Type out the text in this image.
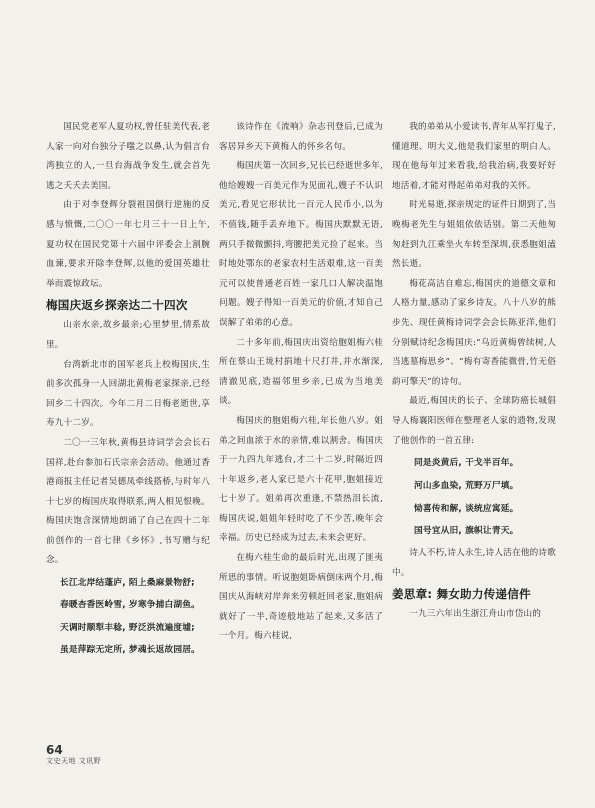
国民党老军人夏功权,曾任驻美代表,老人家一向对台独分子嗤之以鼻,认为倡言台湾独立的人,一旦台海战争发生,就会首先逃之夭夭去美国。

由于对李登辉分裂祖国倒行逆施的反感与愤慨,二〇〇一年七月三十一日上午,夏功权在国民党第十六届中评委会上割腕血谏,要求开除李登辉,以他的爱国英雄壮举而震惊政坛。

梅国庆返乡探亲达二十四次

山亲水亲,故乡最亲;心里梦里,情系故里。

台湾新北市的国军老兵上校梅国庆,生前多次孤身一人回湖北黄梅老家探亲,已经回乡二十四次。今年二月二日梅老逝世,享寿九十二岁。

二〇一三年秋,黄梅县诗词学会会长石国祥,赴台参加石氏宗亲会活动。他通过香港商报主任记者吴德凤牵线搭桥,与时年八十七岁的梅国庆取得联系,两人相见恨晚。梅国庆饱含深情地朗诵了自己在四十二年前创作的一首七律《乡怀》,书写赠与纪念。

长江北岸结蓬庐, 陌上桑麻景物舒;
春暖杏香医岭雪, 岁寒争捕白湖鱼。
天调时顺犁丰稔, 野泛洪流遍度墟;
虽是萍踪无定所, 梦魂长返故园居。

该诗作在《流响》杂志刊登后,已成为客居异乡天下黄梅人的怀乡名句。

梅国庆第一次回乡,兄长已经逝世多年,他给嫂嫂一百美元作为见面礼,嫂子不认识美元,看见它形状比一百元人民币小,以为不值钱,随手丢弃地下。梅国庆默默无语,两只手微微颤抖,弯腰把美元捡了起来。当时地处鄂东的老家农村生活艰难,这一百美元可以使普通老百姓一家几口人解决温饱问题。嫂子得知一百美元的价值,才知自己误解了弟弟的心意。

二十多年前,梅国庆出资给胞姐梅六桂所在蔡山王垅村捐地十尺打井,并水渐深,清澈见底,造福邻里乡亲,已成为当地美谈。

梅国庆的胞姐梅六桂,年长他八岁。姐弟之间血浓于水的亲情,难以割舍。梅国庆于一九四九年逃台,才二十二岁,时隔近四十年返乡,老人家已是六十花甲,胞姐接近七十岁了。姐弟再次重逢,不禁热泪长流,梅国庆说,姐姐年轻时吃了不少苦,晚年会幸福。历史已经成为过去,未来会更好。

在梅六桂生命的最后时光,出现了匪夷所思的事情。听说胞姐卧病倒床两个月,梅国庆从海峡对岸奔来劳顿赶回老家,胞姐病就好了一半,奇迹般地站了起来,又多活了一个月。梅六桂说,

我的弟弟从小爱读书,青年从军打鬼子,懂道理、明大义,他是我们家里的明白人。现在他每年过来看我,给我治病,我要好好地活着,才能对得起弟弟对我的关怀。

时光易逝,探亲规定的证件日期到了,当晚梅老先生与姐姐依依话别。第二天他匆匆赶到九江乘坐火车转至深圳,获悉胞姐溘然长逝。

梅花高洁自难忘,梅国庆的道德文章和人格力量,感动了家乡诗友。八十八岁的熊步先、现任黄梅诗词学会会长陈亚洋,他们分别赋诗纪念梅国庆:“乌近黄梅曾续树,人当逃墓梅思乡”、“梅有寄香能微骨,竹无俗韵可擎天”的诗句。

最近,梅国庆的长子、全球防癌长城倡导人梅襄阳医师在整理老人家的遗物,发现了他创作的一首五律:

同是炎黄后, 干戈半百年。
河山多血染, 荒野万尸填。
恸喜传和解, 谈统应寓延。
国号宜从旧, 旗帜让青天。

诗人不朽,诗人永生,诗人活在他的诗歌中。

姜思章: 舞女助力传递信件

一九三六年出生浙江舟山市岱山的

64
文史天地 文讯野
